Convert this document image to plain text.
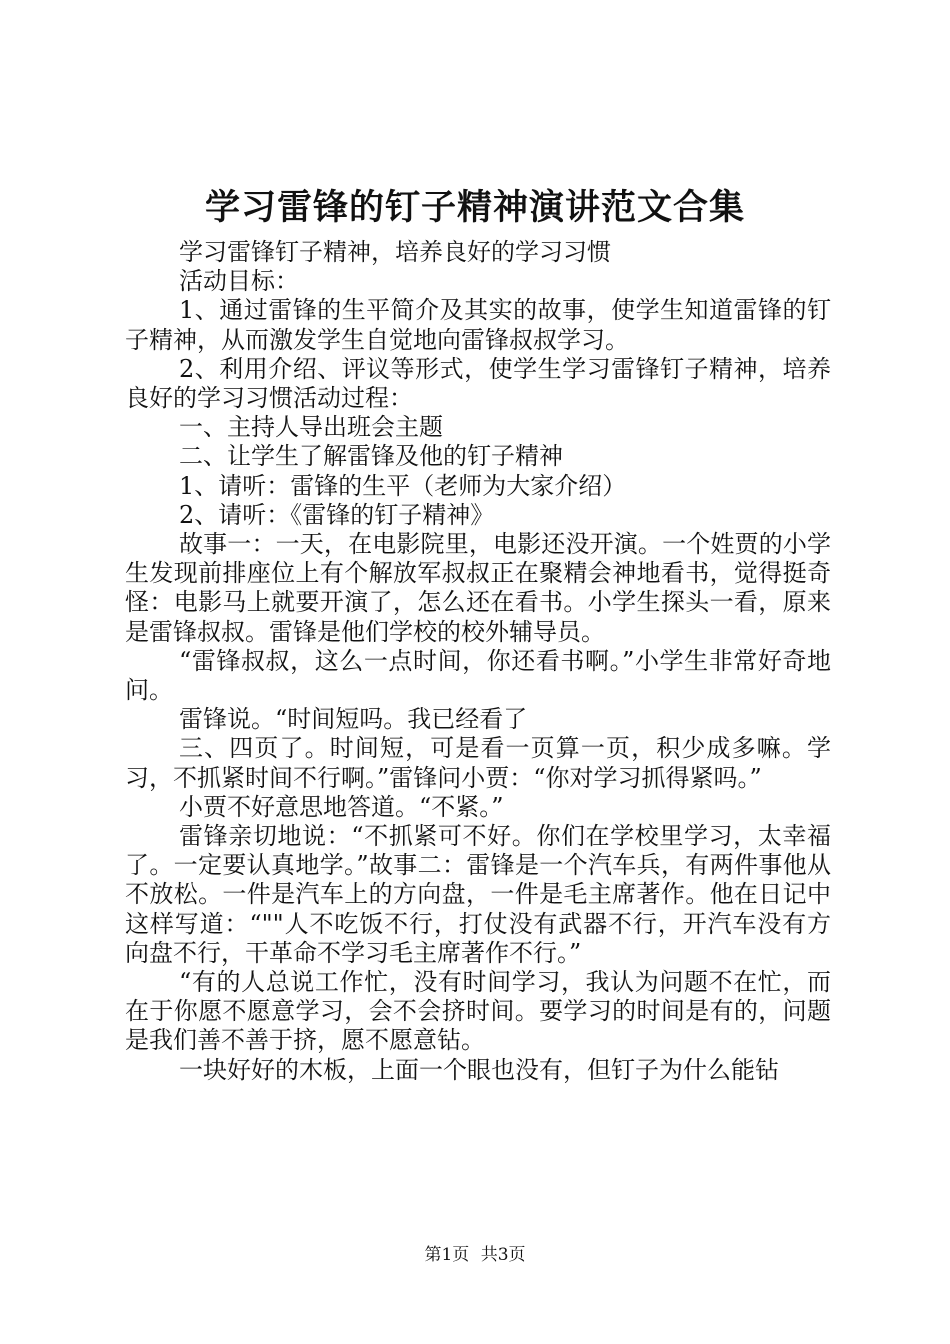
学习雷锋的钉子精神演讲范文合集

学习雷锋钉子精神，培养良好的学习习惯

活动目标：

1、通过雷锋的生平简介及其实的故事，使学生知道雷锋的钉子精神，从而激发学生自觉地向雷锋叔叔学习。

2、利用介绍、评议等形式，使学生学习雷锋钉子精神，培养良好的学习习惯活动过程：

一、主持人导出班会主题

二、让学生了解雷锋及他的钉子精神

1、请听：雷锋的生平（老师为大家介绍）

2、请听：《雷锋的钉子精神》

故事一：一天，在电影院里，电影还没开演。一个姓贾的小学生发现前排座位上有个解放军叔叔正在聚精会神地看书，觉得挺奇怪：电影马上就要开演了，怎么还在看书。小学生探头一看，原来是雷锋叔叔。雷锋是他们学校的校外辅导员。

“雷锋叔叔，这么一点时间，你还看书啊。”小学生非常好奇地问。

雷锋说。“时间短吗。我已经看了

三、四页了。时间短，可是看一页算一页，积少成多嘛。学习，不抓紧时间不行啊。”雷锋问小贾：“你对学习抓得紧吗。”

小贾不好意思地答道。“不紧。”

雷锋亲切地说：“不抓紧可不好。你们在学校里学习，太幸福了。一定要认真地学。”故事二：雷锋是一个汽车兵，有两件事他从不放松。一件是汽车上的方向盘，一件是毛主席著作。他在日记中这样写道：“""人不吃饭不行，打仗没有武器不行，开汽车没有方向盘不行，干革命不学习毛主席著作不行。”

“有的人总说工作忙，没有时间学习，我认为问题不在忙，而在于你愿不愿意学习，会不会挤时间。要学习的时间是有的，问题是我们善不善于挤，愿不愿意钻。

一块好好的木板，上面一个眼也没有，但钉子为什么能钻

第1页 共3页
